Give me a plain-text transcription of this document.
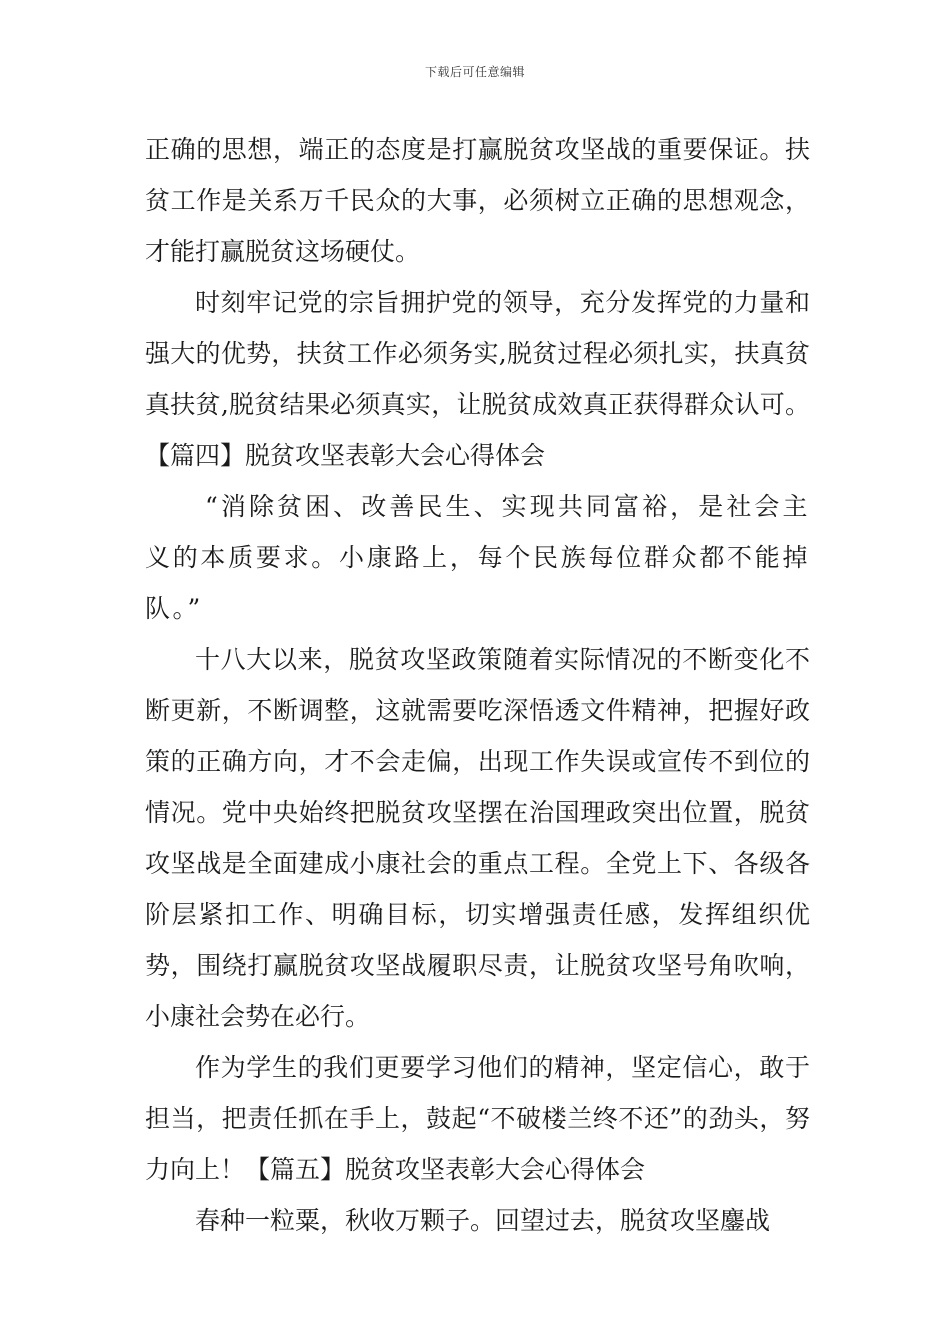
下载后可任意编辑

正确的思想，端正的态度是打赢脱贫攻坚战的重要保证。扶贫工作是关系万千民众的大事，必须树立正确的思想观念，才能打赢脱贫这场硬仗。

时刻牢记党的宗旨拥护党的领导，充分发挥党的力量和强大的优势，扶贫工作必须务实,脱贫过程必须扎实，扶真贫真扶贫,脱贫结果必须真实，让脱贫成效真正获得群众认可。【篇四】脱贫攻坚表彰大会心得体会

“消除贫困、改善民生、实现共同富裕，是社会主义的本质要求。小康路上，每个民族每位群众都不能掉队。”

十八大以来，脱贫攻坚政策随着实际情况的不断变化不断更新，不断调整，这就需要吃深悟透文件精神，把握好政策的正确方向，才不会走偏，出现工作失误或宣传不到位的情况。党中央始终把脱贫攻坚摆在治国理政突出位置，脱贫攻坚战是全面建成小康社会的重点工程。全党上下、各级各阶层紧扣工作、明确目标，切实增强责任感，发挥组织优势，围绕打赢脱贫攻坚战履职尽责，让脱贫攻坚号角吹响，小康社会势在必行。

作为学生的我们更要学习他们的精神，坚定信心，敢于担当，把责任抓在手上，鼓起“不破楼兰终不还”的劲头，努力向上！【篇五】脱贫攻坚表彰大会心得体会

春种一粒粟，秋收万颗子。回望过去，脱贫攻坚鏖战
